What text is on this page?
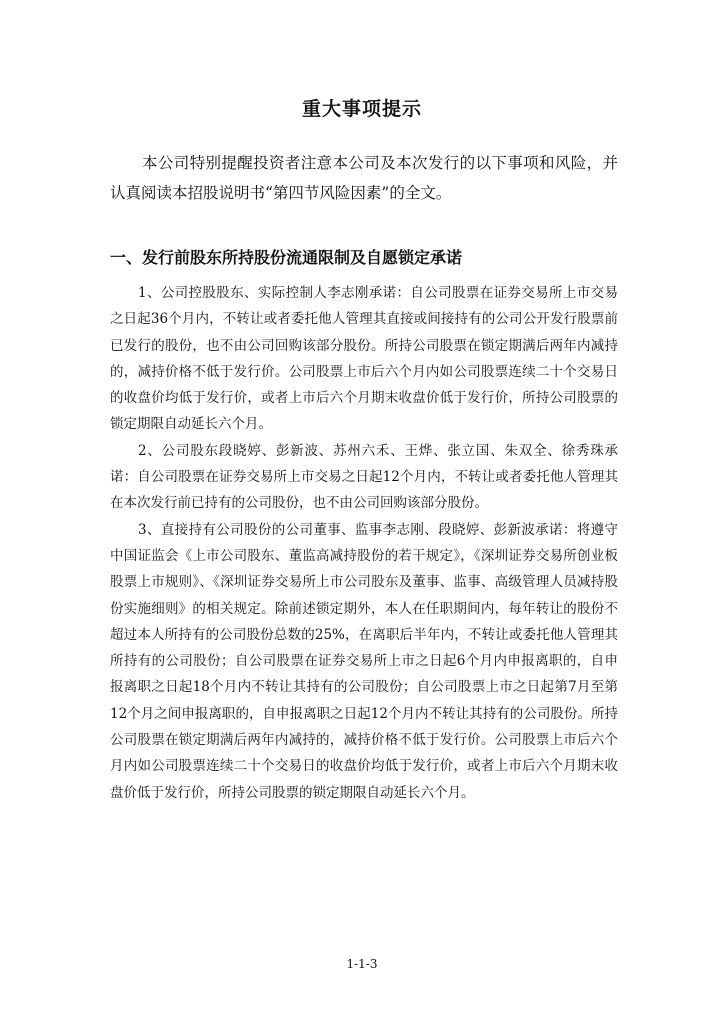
重大事项提示

本公司特别提醒投资者注意本公司及本次发行的以下事项和风险，并认真阅读本招股说明书“第四节风险因素”的全文。

一、发行前股东所持股份流通限制及自愿锁定承诺

1、公司控股股东、实际控制人李志刚承诺：自公司股票在证券交易所上市交易之日起36个月内，不转让或者委托他人管理其直接或间接持有的公司公开发行股票前已发行的股份，也不由公司回购该部分股份。所持公司股票在锁定期满后两年内减持的，减持价格不低于发行价。公司股票上市后六个月内如公司股票连续二十个交易日的收盘价均低于发行价，或者上市后六个月期末收盘价低于发行价，所持公司股票的锁定期限自动延长六个月。

2、公司股东段晓婷、彭新波、苏州六禾、王烨、张立国、朱双全、徐秀珠承诺：自公司股票在证券交易所上市交易之日起12个月内，不转让或者委托他人管理其在本次发行前已持有的公司股份，也不由公司回购该部分股份。

3、直接持有公司股份的公司董事、监事李志刚、段晓婷、彭新波承诺：将遵守中国证监会《上市公司股东、董监高减持股份的若干规定》，《深圳证券交易所创业板股票上市规则》、《深圳证券交易所上市公司股东及董事、监事、高级管理人员减持股份实施细则》的相关规定。除前述锁定期外，本人在任职期间内，每年转让的股份不超过本人所持有的公司股份总数的25%，在离职后半年内，不转让或委托他人管理其所持有的公司股份；自公司股票在证券交易所上市之日起6个月内申报离职的，自申报离职之日起18个月内不转让其持有的公司股份；自公司股票上市之日起第7月至第12个月之间申报离职的，自申报离职之日起12个月内不转让其持有的公司股份。所持公司股票在锁定期满后两年内减持的，减持价格不低于发行价。公司股票上市后六个月内如公司股票连续二十个交易日的收盘价均低于发行价，或者上市后六个月期末收盘价低于发行价，所持公司股票的锁定期限自动延长六个月。

1-1-3
